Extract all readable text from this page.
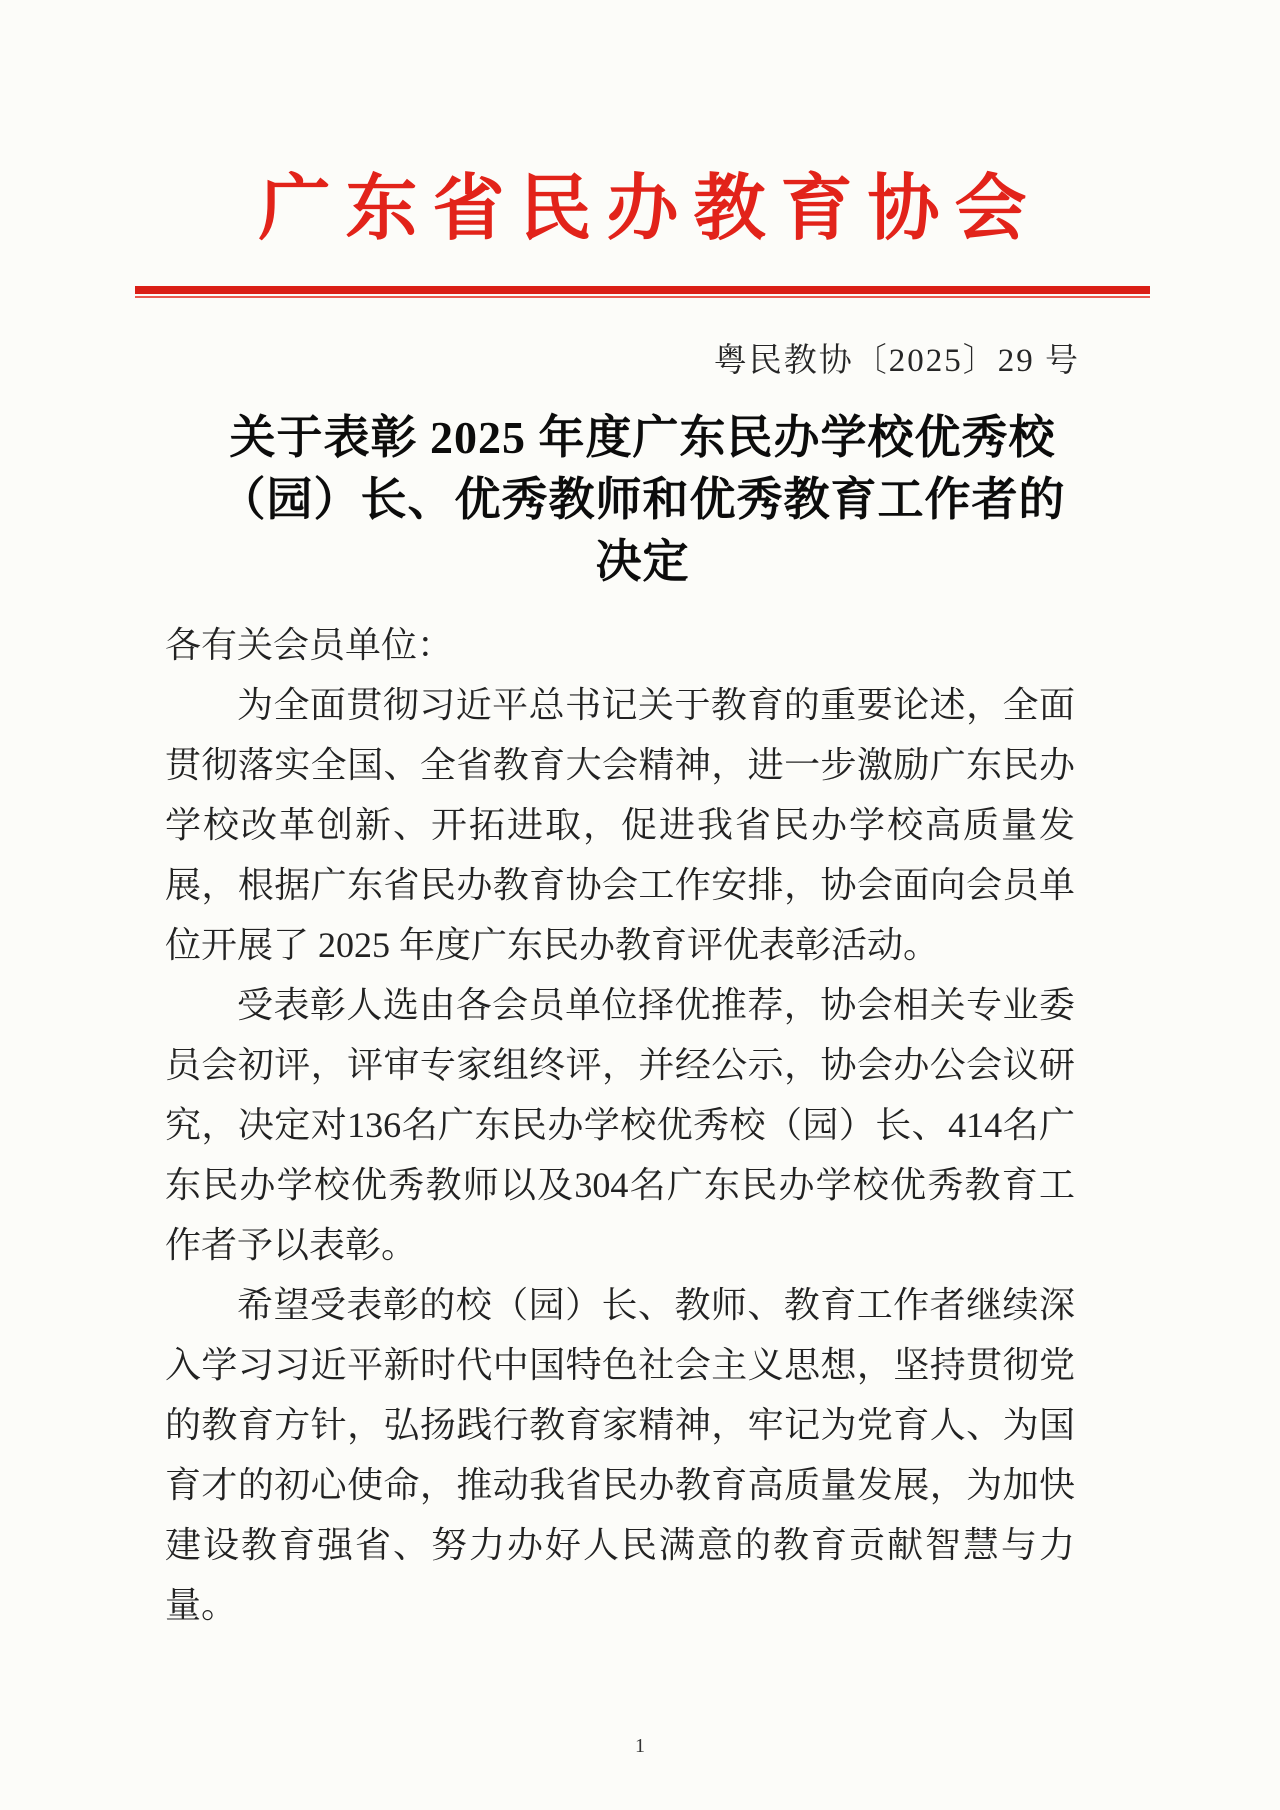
广东省民办教育协会
粤民教协〔2025〕29 号
关于表彰 2025 年度广东民办学校优秀校
（园）长、优秀教师和优秀教育工作者的
决定

各有关会员单位：

为全面贯彻习近平总书记关于教育的重要论述，全面贯彻落实全国、全省教育大会精神，进一步激励广东民办学校改革创新、开拓进取，促进我省民办学校高质量发展，根据广东省民办教育协会工作安排，协会面向会员单位开展了 2025 年度广东民办教育评优表彰活动。

受表彰人选由各会员单位择优推荐，协会相关专业委员会初评，评审专家组终评，并经公示，协会办公会议研究，决定对136名广东民办学校优秀校（园）长、414名广东民办学校优秀教师以及304名广东民办学校优秀教育工作者予以表彰。

希望受表彰的校（园）长、教师、教育工作者继续深入学习习近平新时代中国特色社会主义思想，坚持贯彻党的教育方针，弘扬践行教育家精神，牢记为党育人、为国育才的初心使命，推动我省民办教育高质量发展，为加快建设教育强省、努力办好人民满意的教育贡献智慧与力量。

1
